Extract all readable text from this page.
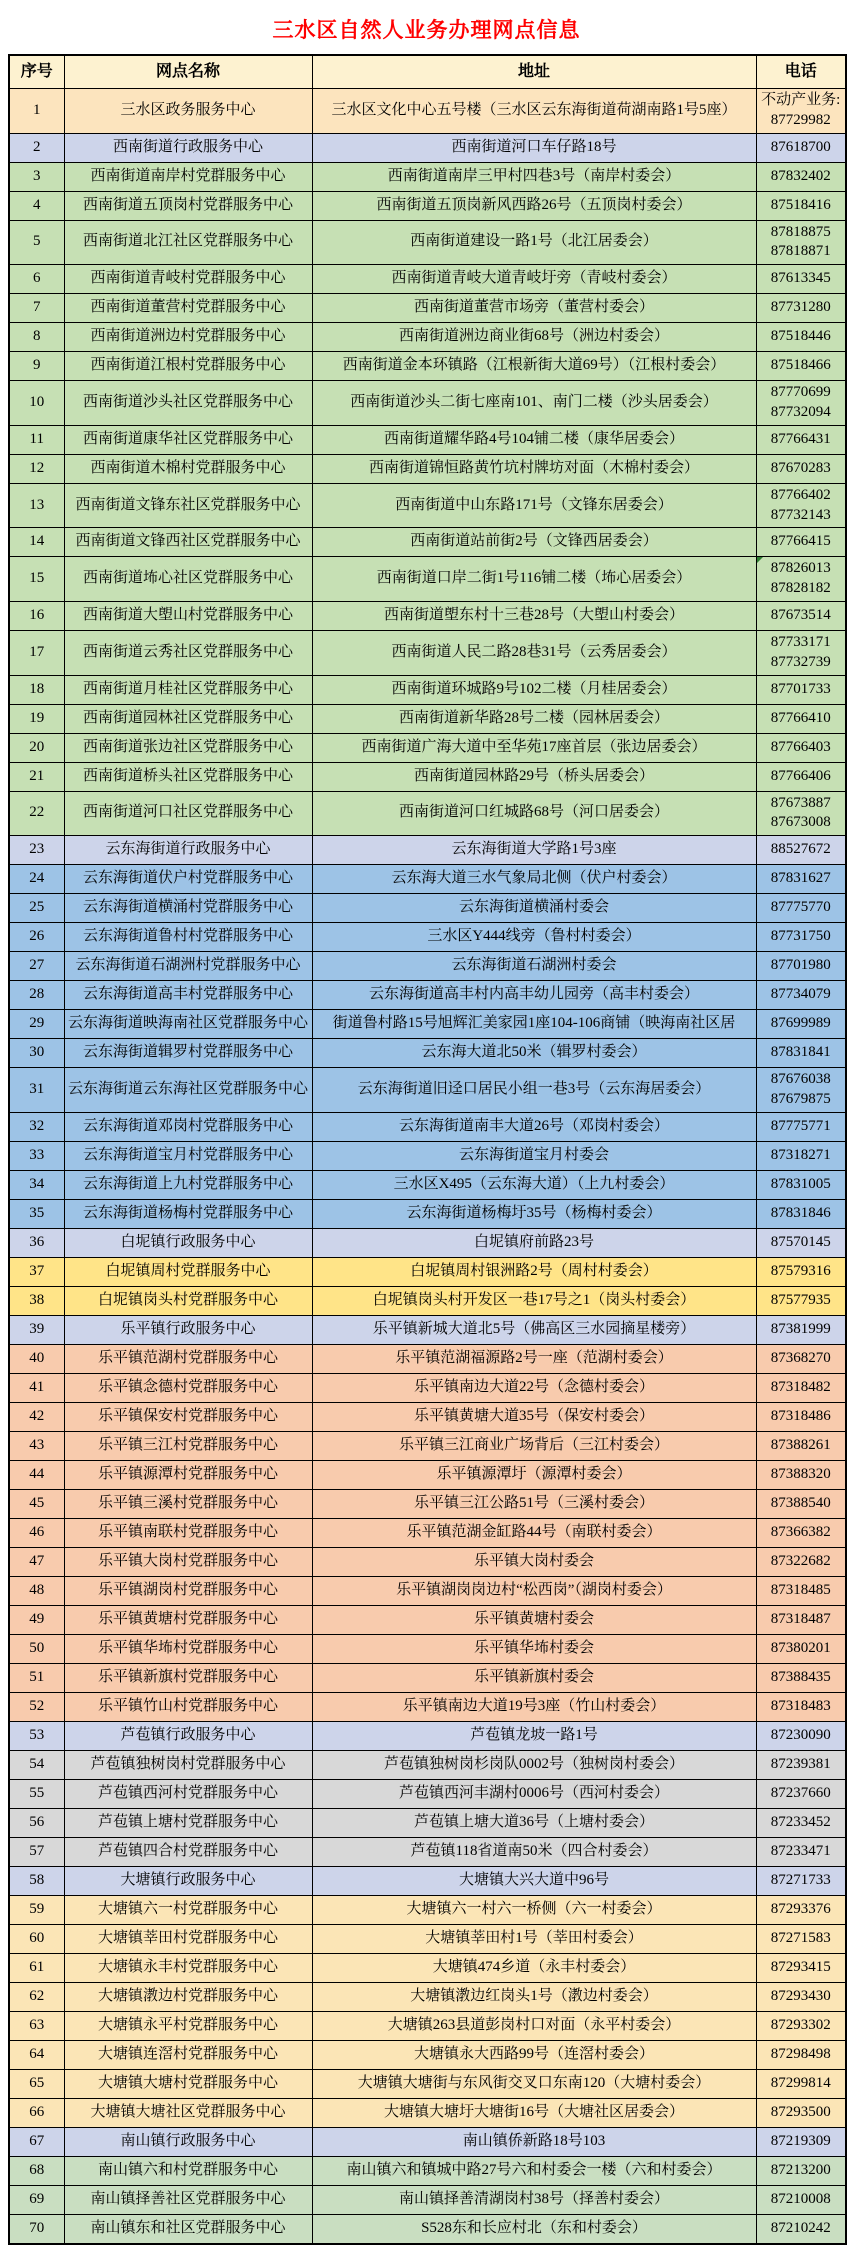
三水区自然人业务办理网点信息
序号	网点名称	地址	电话
1	三水区政务服务中心	三水区文化中心五号楼（三水区云东海街道荷湖南路1号5座）	不动产业务:
87729982

2	西南街道行政服务中心	西南街道河口车仔路18号	87618700

3	西南街道南岸村党群服务中心	西南街道南岸三甲村四巷3号（南岸村委会）	87832402

4	西南街道五顶岗村党群服务中心	西南街道五顶岗新风西路26号（五顶岗村委会）	87518416

5	西南街道北江社区党群服务中心	西南街道建设一路1号（北江居委会）	87818875
87818871

6	西南街道青岐村党群服务中心	西南街道青岐大道青岐圩旁（青岐村委会）	87613345

7	西南街道董营村党群服务中心	西南街道董营市场旁（董营村委会）	87731280

8	西南街道洲边村党群服务中心	西南街道洲边商业街68号（洲边村委会）	87518446

9	西南街道江根村党群服务中心	西南街道金本环镇路（江根新街大道69号）（江根村委会）	87518466

10	西南街道沙头社区党群服务中心	西南街道沙头二街七座南101、南门二楼（沙头居委会）	87770699
87732094

11	西南街道康华社区党群服务中心	西南街道耀华路4号104铺二楼（康华居委会）	87766431

12	西南街道木棉村党群服务中心	西南街道锦恒路黄竹坑村牌坊对面（木棉村委会）	87670283

13	西南街道文锋东社区党群服务中心	西南街道中山东路171号（文锋东居委会）	87766402
87732143

14	西南街道文锋西社区党群服务中心	西南街道站前街2号（文锋西居委会）	87766415

15	西南街道㘵心社区党群服务中心	西南街道口岸二街1号116铺二楼（㘵心居委会）	87826013
87828182

16	西南街道大塱山村党群服务中心	西南街道塱东村十三巷28号（大塱山村委会）	87673514

17	西南街道云秀社区党群服务中心	西南街道人民二路28巷31号（云秀居委会）	87733171
87732739

18	西南街道月桂社区党群服务中心	西南街道环城路9号102二楼（月桂居委会）	87701733

19	西南街道园林社区党群服务中心	西南街道新华路28号二楼（园林居委会）	87766410

20	西南街道张边社区党群服务中心	西南街道广海大道中至华苑17座首层（张边居委会）	87766403

21	西南街道桥头社区党群服务中心	西南街道园林路29号（桥头居委会）	87766406

22	西南街道河口社区党群服务中心	西南街道河口红城路68号（河口居委会）	87673887
87673008

23	云东海街道行政服务中心	云东海街道大学路1号3座	88527672

24	云东海街道伏户村党群服务中心	云东海大道三水气象局北侧（伏户村委会）	87831627

25	云东海街道横涌村党群服务中心	云东海街道横涌村委会	87775770

26	云东海街道鲁村村党群服务中心	三水区Y444线旁（鲁村村委会）	87731750

27	云东海街道石湖洲村党群服务中心	云东海街道石湖洲村委会	87701980

28	云东海街道高丰村党群服务中心	云东海街道高丰村内高丰幼儿园旁（高丰村委会）	87734079

29	云东海街道映海南社区党群服务中心	街道鲁村路15号旭辉汇美家园1座104-106商铺（映海南社区居	87699989

30	云东海街道辑罗村党群服务中心	云东海大道北50米（辑罗村委会）	87831841

31	云东海街道云东海社区党群服务中心	云东海街道旧迳口居民小组一巷3号（云东海居委会）	87676038
87679875

32	云东海街道邓岗村党群服务中心	云东海街道南丰大道26号（邓岗村委会）	87775771

33	云东海街道宝月村党群服务中心	云东海街道宝月村委会	87318271

34	云东海街道上九村党群服务中心	三水区X495（云东海大道）（上九村委会）	87831005

35	云东海街道杨梅村党群服务中心	云东海街道杨梅圩35号（杨梅村委会）	87831846

36	白坭镇行政服务中心	白坭镇府前路23号	87570145

37	白坭镇周村党群服务中心	白坭镇周村银洲路2号（周村村委会）	87579316

38	白坭镇岗头村党群服务中心	白坭镇岗头村开发区一巷17号之1（岗头村委会）	87577935

39	乐平镇行政服务中心	乐平镇新城大道北5号（佛高区三水园摘星楼旁）	87381999

40	乐平镇范湖村党群服务中心	乐平镇范湖福源路2号一座（范湖村委会）	87368270

41	乐平镇念德村党群服务中心	乐平镇南边大道22号（念德村委会）	87318482

42	乐平镇保安村党群服务中心	乐平镇黄塘大道35号（保安村委会）	87318486

43	乐平镇三江村党群服务中心	乐平镇三江商业广场背后（三江村委会）	87388261

44	乐平镇源潭村党群服务中心	乐平镇源潭圩（源潭村委会）	87388320

45	乐平镇三溪村党群服务中心	乐平镇三江公路51号（三溪村委会）	87388540

46	乐平镇南联村党群服务中心	乐平镇范湖金缸路44号（南联村委会）	87366382

47	乐平镇大岗村党群服务中心	乐平镇大岗村委会	87322682

48	乐平镇湖岗村党群服务中心	乐平镇湖岗岗边村“松西岗”（湖岗村委会）	87318485

49	乐平镇黄塘村党群服务中心	乐平镇黄塘村委会	87318487

50	乐平镇华㘵村党群服务中心	乐平镇华㘵村委会	87380201

51	乐平镇新旗村党群服务中心	乐平镇新旗村委会	87388435

52	乐平镇竹山村党群服务中心	乐平镇南边大道19号3座（竹山村委会）	87318483

53	芦苞镇行政服务中心	芦苞镇龙坡一路1号	87230090

54	芦苞镇独树岗村党群服务中心	芦苞镇独树岗杉岗队0002号（独树岗村委会）	87239381

55	芦苞镇西河村党群服务中心	芦苞镇西河丰湖村0006号（西河村委会）	87237660

56	芦苞镇上塘村党群服务中心	芦苞镇上塘大道36号（上塘村委会）	87233452

57	芦苞镇四合村党群服务中心	芦苞镇118省道南50米（四合村委会）	87233471

58	大塘镇行政服务中心	大塘镇大兴大道中96号	87271733

59	大塘镇六一村党群服务中心	大塘镇六一村六一桥侧（六一村委会）	87293376

60	大塘镇莘田村党群服务中心	大塘镇莘田村1号（莘田村委会）	87271583

61	大塘镇永丰村党群服务中心	大塘镇474乡道（永丰村委会）	87293415

62	大塘镇漖边村党群服务中心	大塘镇漖边红岗头1号（漖边村委会）	87293430

63	大塘镇永平村党群服务中心	大塘镇263县道彭岗村口对面（永平村委会）	87293302

64	大塘镇连滘村党群服务中心	大塘镇永大西路99号（连滘村委会）	87298498

65	大塘镇大塘村党群服务中心	大塘镇大塘街与东风街交叉口东南120（大塘村委会）	87299814

66	大塘镇大塘社区党群服务中心	大塘镇大塘圩大塘街16号（大塘社区居委会）	87293500

67	南山镇行政服务中心	南山镇侨新路18号103	87219309

68	南山镇六和村党群服务中心	南山镇六和镇城中路27号六和村委会一楼（六和村委会）	87213200

69	南山镇择善社区党群服务中心	南山镇择善清湖岗村38号（择善村委会）	87210008

70	南山镇东和社区党群服务中心	S528东和长应村北（东和村委会）	87210242
